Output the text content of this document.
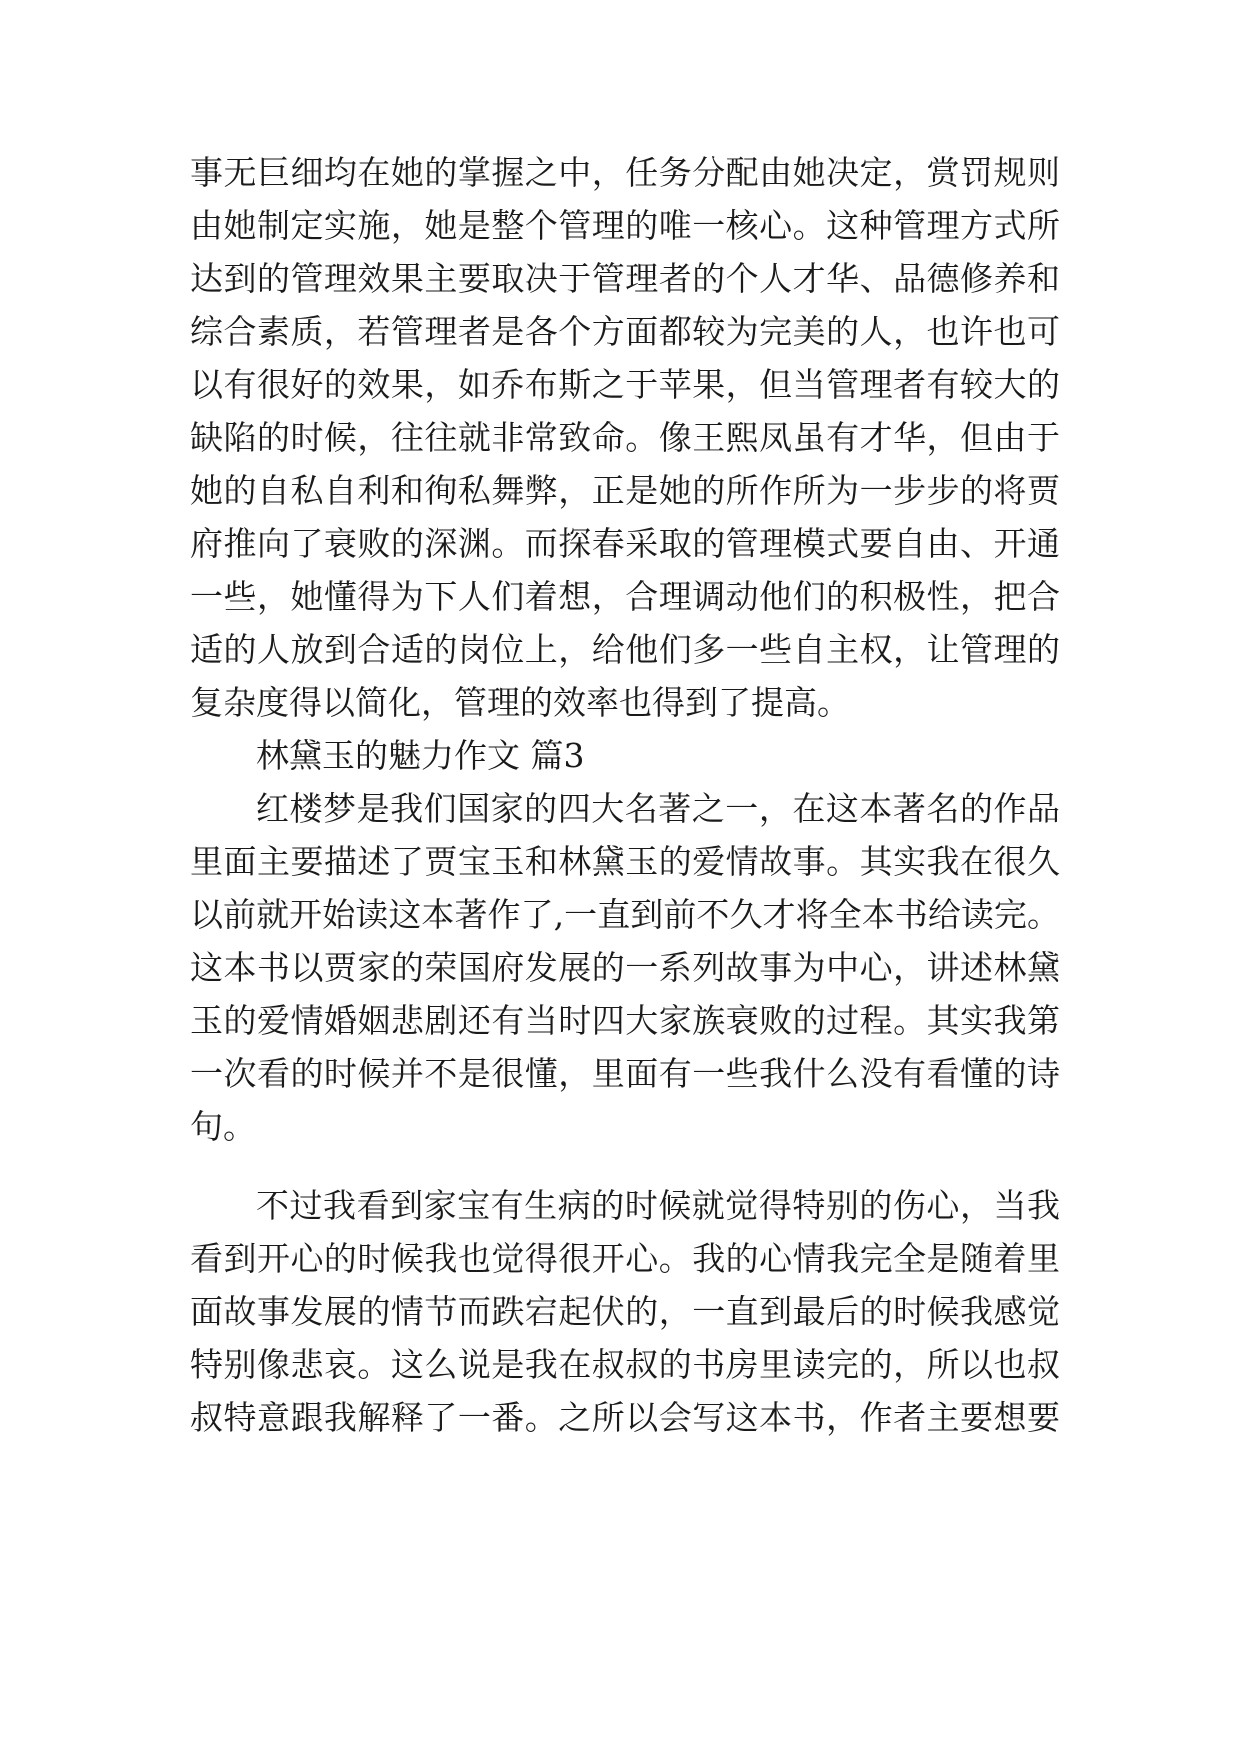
事无巨细均在她的掌握之中，任务分配由她决定，赏罚规则
由她制定实施，她是整个管理的唯一核心。这种管理方式所
达到的管理效果主要取决于管理者的个人才华、品德修养和
综合素质，若管理者是各个方面都较为完美的人，也许也可
以有很好的效果，如乔布斯之于苹果，但当管理者有较大的
缺陷的时候，往往就非常致命。像王熙凤虽有才华，但由于
她的自私自利和徇私舞弊，正是她的所作所为一步步的将贾
府推向了衰败的深渊。而探春采取的管理模式要自由、开通
一些，她懂得为下人们着想，合理调动他们的积极性，把合
适的人放到合适的岗位上，给他们多一些自主权，让管理的
复杂度得以简化，管理的效率也得到了提高。
林黛玉的魅力作文 篇3
红楼梦是我们国家的四大名著之一，在这本著名的作品
里面主要描述了贾宝玉和林黛玉的爱情故事。其实我在很久
以前就开始读这本著作了,一直到前不久才将全本书给读完。
这本书以贾家的荣国府发展的一系列故事为中心，讲述林黛
玉的爱情婚姻悲剧还有当时四大家族衰败的过程。其实我第
一次看的时候并不是很懂，里面有一些我什么没有看懂的诗
句。
不过我看到家宝有生病的时候就觉得特别的伤心，当我
看到开心的时候我也觉得很开心。我的心情我完全是随着里
面故事发展的情节而跌宕起伏的，一直到最后的时候我感觉
特别像悲哀。这么说是我在叔叔的书房里读完的，所以也叔
叔特意跟我解释了一番。之所以会写这本书，作者主要想要
